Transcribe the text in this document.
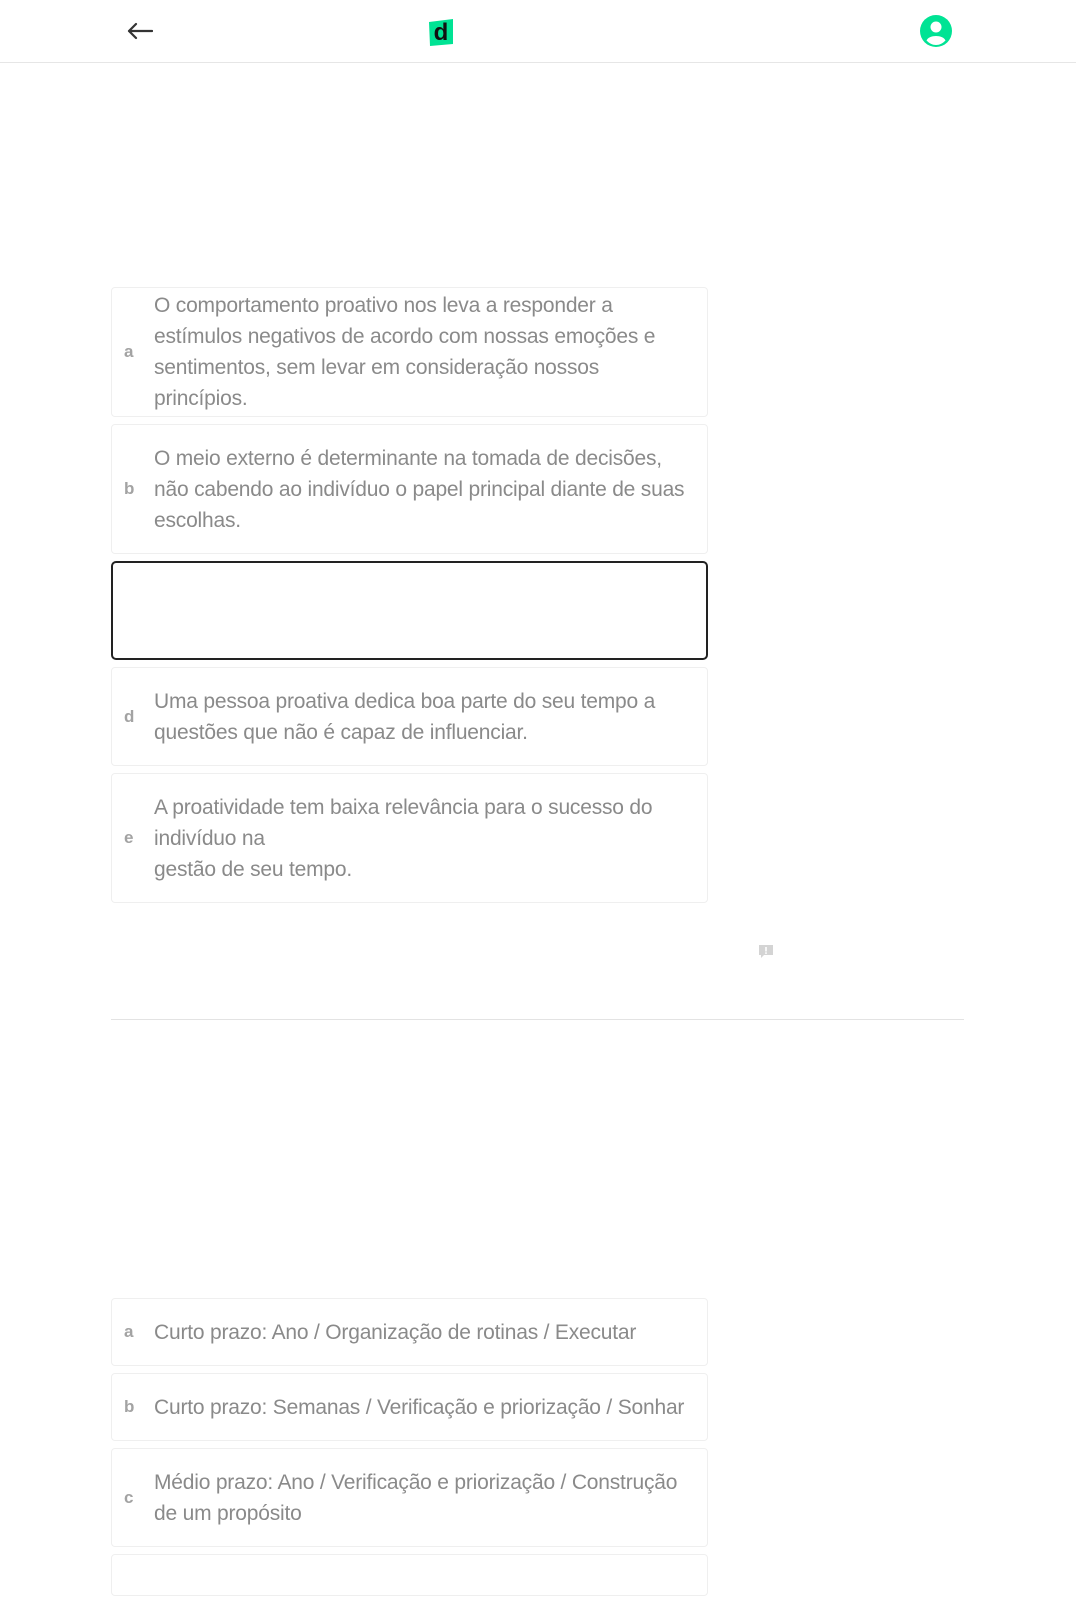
d
a
O comportamento proativo nos leva a responder a
estímulos negativos de acordo com nossas emoções e
sentimentos, sem levar em consideração nossos princípios.
b
O meio externo é determinante na tomada de decisões,
não cabendo ao indivíduo o papel principal diante de suas
escolhas.
d
Uma pessoa proativa dedica boa parte do seu tempo a
questões que não é capaz de influenciar.
e
A proatividade tem baixa relevância para o sucesso do
indivíduo na
gestão de seu tempo.
a Curto prazo: Ano / Organização de rotinas / Executar
b Curto prazo: Semanas / Verificação e priorização / Sonhar
c
Médio prazo: Ano / Verificação e priorização / Construção
de um propósito
